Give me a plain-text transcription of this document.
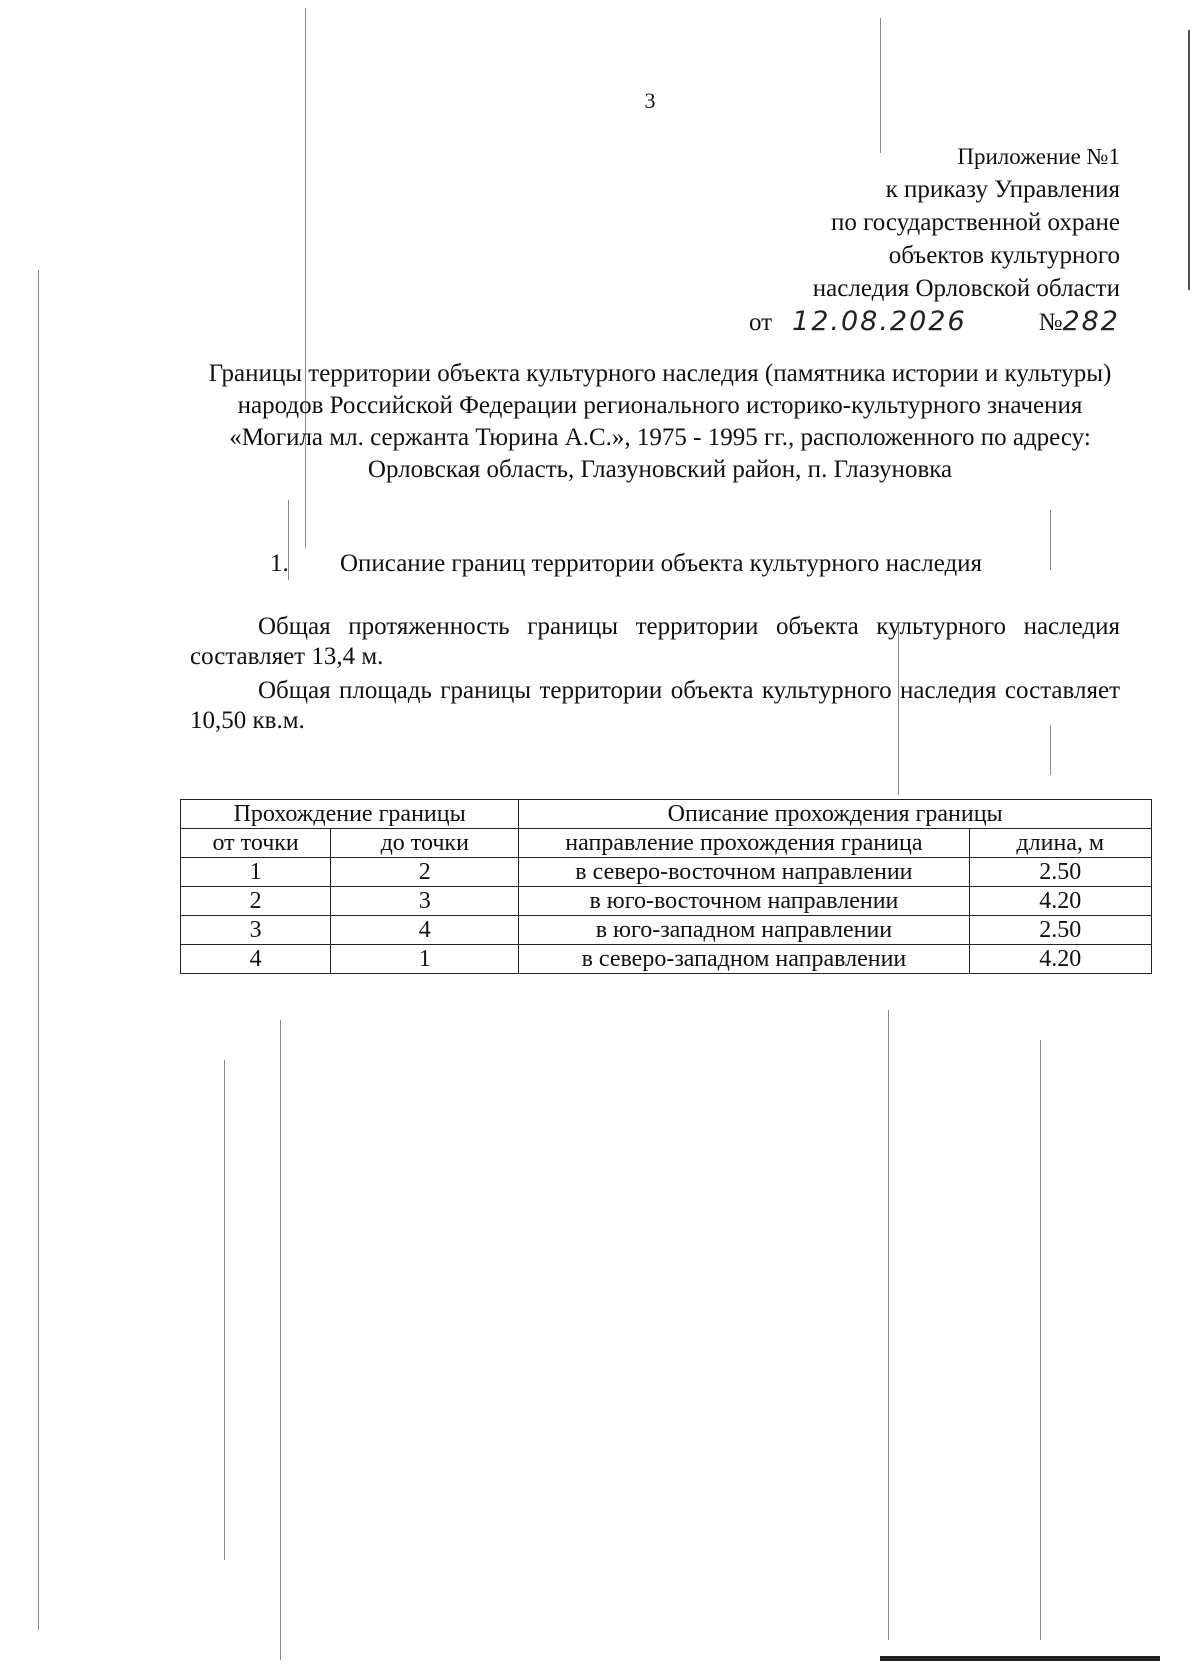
3
Приложение №1
к приказу Управления
по государственной охране
объектов культурного
наследия Орловской области
от 12.08.2026	№282
Границы территории объекта культурного наследия (памятника истории и культуры) народов Российской Федерации регионального историко-культурного значения «Могила мл. сержанта Тюрина А.С.», 1975 - 1995 гг., расположенного по адресу: Орловская область, Глазуновский район, п. Глазуновка
1. Описание границ территории объекта культурного наследия
Общая протяженность границы территории объекта культурного наследия составляет 13,4 м.
Общая площадь границы территории объекта культурного наследия составляет 10,50 кв.м.
Прохождение границы		Описание прохождения границы	
от точки	до точки	направление прохождения граница	длина, м
1	2	в северо-восточном направлении	2.50
2	3	в юго-восточном направлении	4.20
3	4	в юго-западном направлении	2.50
4	1	в северо-западном направлении	4.20
